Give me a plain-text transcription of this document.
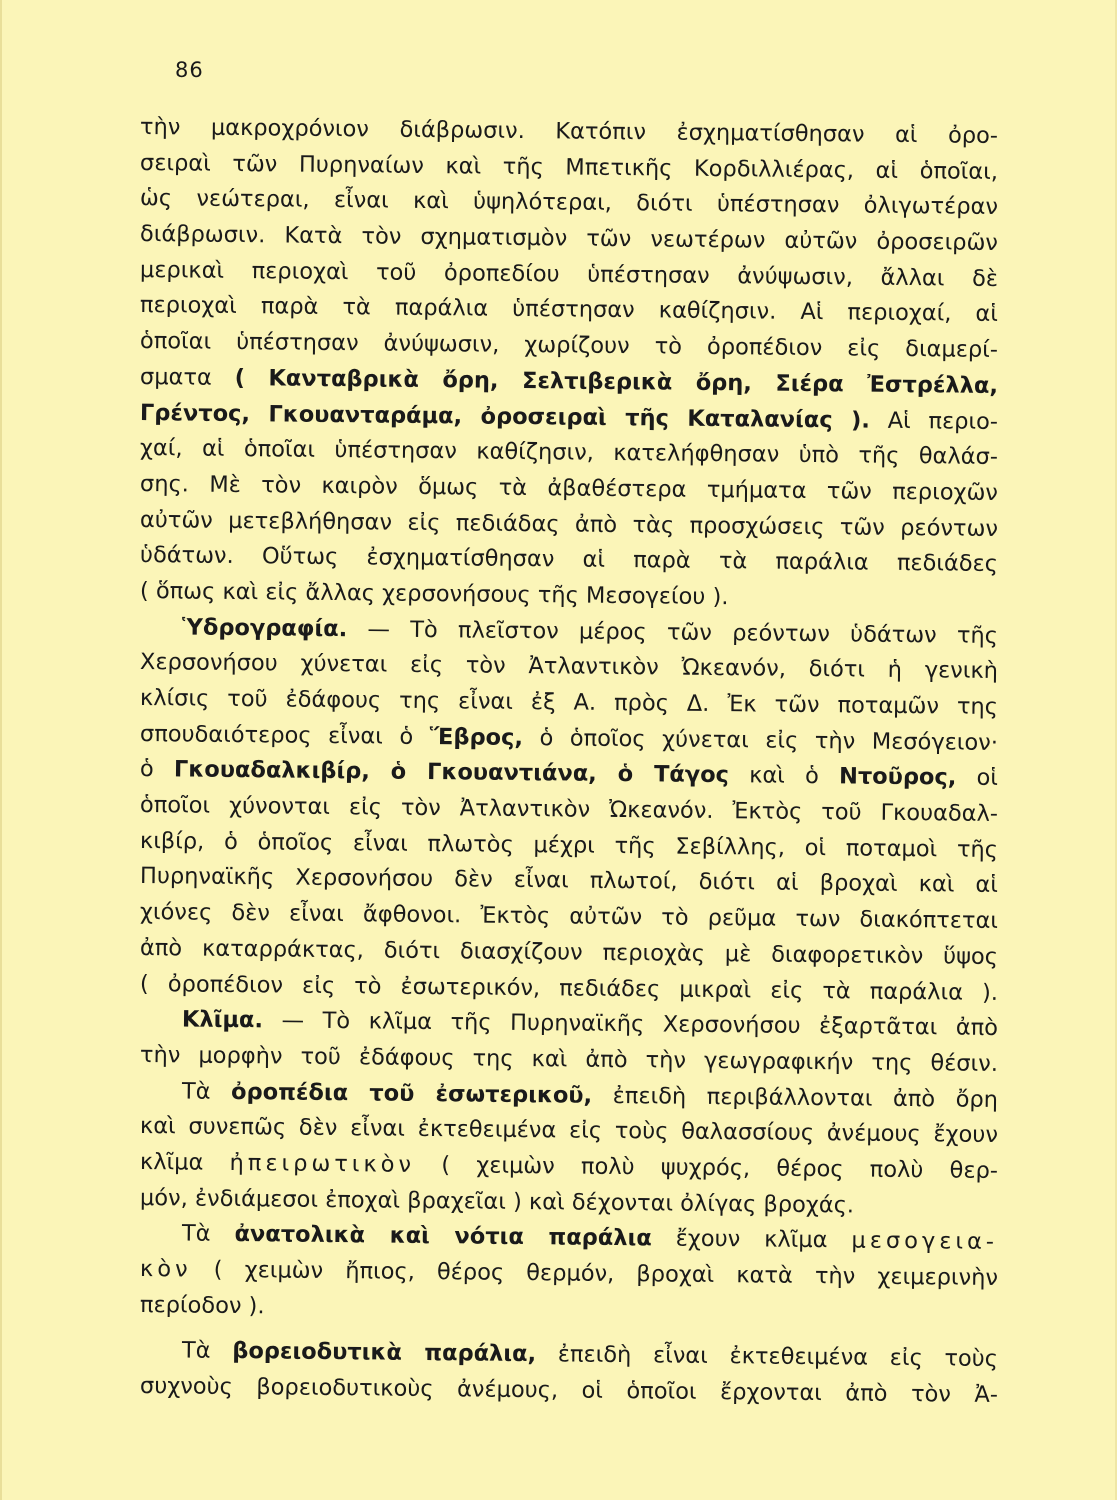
86
τὴν μακροχρόνιον διάβρωσιν. Κατόπιν ἐσχηματίσθησαν αἱ ὀρο-
σειραὶ τῶν Πυρηναίων καὶ τῆς Μπετικῆς Κορδιλλιέρας, αἱ ὁποῖαι,
ὡς νεώτεραι, εἶναι καὶ ὑψηλότεραι, διότι ὑπέστησαν ὀλιγωτέραν
διάβρωσιν. Κατὰ τὸν σχηματισμὸν τῶν νεωτέρων αὐτῶν ὀροσειρῶν
μερικαὶ περιοχαὶ τοῦ ὀροπεδίου ὑπέστησαν ἀνύψωσιν, ἄλλαι δὲ
περιοχαὶ παρὰ τὰ παράλια ὑπέστησαν καθίζησιν. Αἱ περιοχαί, αἱ
ὁποῖαι ὑπέστησαν ἀνύψωσιν, χωρίζουν τὸ ὀροπέδιον εἰς διαμερί-
σματα ( Κανταβρικὰ ὄρη, Σελτιβερικὰ ὄρη, Σιέρα Ἐστρέλλα,
Γρέντος, Γκουανταράμα, ὀροσειραὶ τῆς Καταλανίας ). Αἱ περιο-
χαί, αἱ ὁποῖαι ὑπέστησαν καθίζησιν, κατελήφθησαν ὑπὸ τῆς θαλάσ-
σης. Μὲ τὸν καιρὸν ὅμως τὰ ἀβαθέστερα τμήματα τῶν περιοχῶν
αὐτῶν μετεβλήθησαν εἰς πεδιάδας ἀπὸ τὰς προσχώσεις τῶν ρεόντων
ὑδάτων. Οὕτως ἐσχηματίσθησαν αἱ παρὰ τὰ παράλια πεδιάδες
( ὅπως καὶ εἰς ἄλλας χερσονήσους τῆς Μεσογείου ).
Ὑδρογραφία. — Τὸ πλεῖστον μέρος τῶν ρεόντων ὑδάτων τῆς
Χερσονήσου χύνεται εἰς τὸν Ἀτλαντικὸν Ὠκεανόν, διότι ἡ γενικὴ
κλίσις τοῦ ἐδάφους της εἶναι ἐξ Α. πρὸς Δ. Ἐκ τῶν ποταμῶν της
σπουδαιότερος εἶναι ὁ Ἕβρος, ὁ ὁποῖος χύνεται εἰς τὴν Μεσόγειον·
ὁ Γκουαδαλκιβίρ, ὁ Γκουαντιάνα, ὁ Τάγος καὶ ὁ Ντοῦρος, οἱ
ὁποῖοι χύνονται εἰς τὸν Ἀτλαντικὸν Ὠκεανόν. Ἐκτὸς τοῦ Γκουαδαλ-
κιβίρ, ὁ ὁποῖος εἶναι πλωτὸς μέχρι τῆς Σεβίλλης, οἱ ποταμοὶ τῆς
Πυρηναϊκῆς Χερσονήσου δὲν εἶναι πλωτοί, διότι αἱ βροχαὶ καὶ αἱ
χιόνες δὲν εἶναι ἄφθονοι. Ἐκτὸς αὐτῶν τὸ ρεῦμα των διακόπτεται
ἀπὸ καταρράκτας, διότι διασχίζουν περιοχὰς μὲ διαφορετικὸν ὕψος
( ὀροπέδιον εἰς τὸ ἐσωτερικόν, πεδιάδες μικραὶ εἰς τὰ παράλια ).
Κλῖμα. — Τὸ κλῖμα τῆς Πυρηναϊκῆς Χερσονήσου ἐξαρτᾶται ἀπὸ
τὴν μορφὴν τοῦ ἐδάφους της καὶ ἀπὸ τὴν γεωγραφικήν της θέσιν.
Τὰ ὀροπέδια τοῦ ἐσωτερικοῦ, ἐπειδὴ περιβάλλονται ἀπὸ ὄρη
καὶ συνεπῶς δὲν εἶναι ἐκτεθειμένα εἰς τοὺς θαλασσίους ἀνέμους ἔχουν
κλῖμα ἠπειρωτικὸν ( χειμὼν πολὺ ψυχρός, θέρος πολὺ θερ-
μόν, ἐνδιάμεσοι ἐποχαὶ βραχεῖαι ) καὶ δέχονται ὀλίγας βροχάς.
Τὰ ἀνατολικὰ καὶ νότια παράλια ἔχουν κλῖμα μεσογεια-
κὸν ( χειμὼν ἤπιος, θέρος θερμόν, βροχαὶ κατὰ τὴν χειμερινὴν
περίοδον ).
Τὰ βορειοδυτικὰ παράλια, ἐπειδὴ εἶναι ἐκτεθειμένα εἰς τοὺς
συχνοὺς βορειοδυτικοὺς ἀνέμους, οἱ ὁποῖοι ἔρχονται ἀπὸ τὸν Ἀ-
